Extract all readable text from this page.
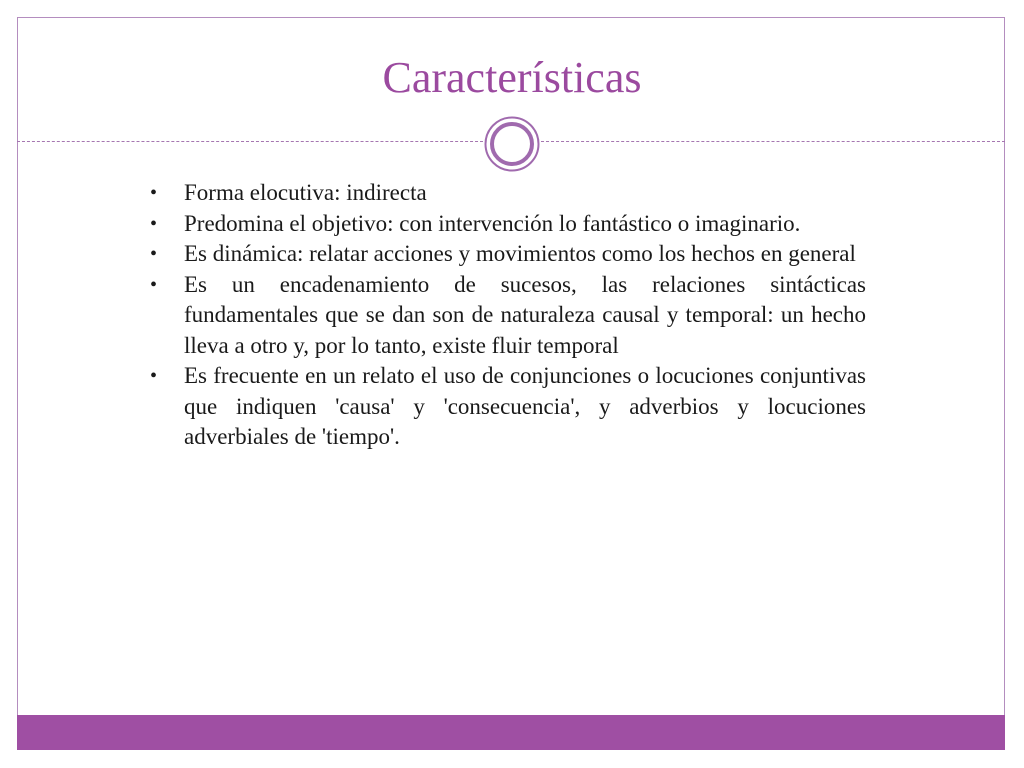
Características
•	Forma elocutiva: indirecta
•	Predomina el objetivo: con intervención lo fantástico o imaginario.
•	Es dinámica: relatar acciones y movimientos como los hechos en general
•	Es un encadenamiento de sucesos, las relaciones sintácticas fundamentales que se dan son de naturaleza causal y temporal: un hecho lleva a otro y, por lo tanto, existe fluir temporal
•	Es frecuente en un relato el uso de conjunciones o locuciones conjuntivas que indiquen 'causa' y 'consecuencia', y adverbios y locuciones adverbiales de 'tiempo'.
